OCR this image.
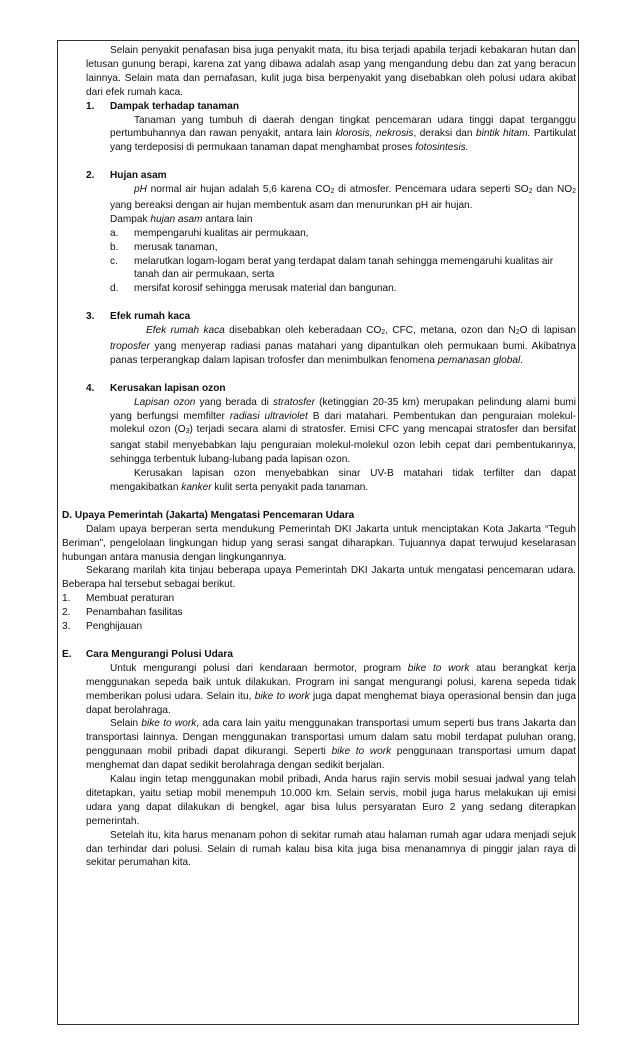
Selain penyakit penafasan bisa juga penyakit mata, itu bisa terjadi apabila terjadi kebakaran hutan dan letusan gunung berapi, karena zat yang dibawa adalah asap yang mengandung debu dan zat yang beracun lainnya. Selain mata dan pernafasan, kulit juga bisa berpenyakit yang disebabkan oleh polusi udara akibat dari efek rumah kaca.

1.	Dampak terhadap tanaman

Tanaman yang tumbuh di daerah dengan tingkat pencemaran udara tinggi dapat terganggu pertumbuhannya dan rawan penyakit, antara lain klorosis, nekrosis, deraksi dan bintik hitam. Partikulat yang terdeposisi di permukaan tanaman dapat menghambat proses fotosintesis.

2.	Hujan asam

pH normal air hujan adalah 5,6 karena CO2 di atmosfer. Pencemara udara seperti SO2 dan NO2 yang bereaksi dengan air hujan membentuk asam dan menurunkan pH air hujan.

Dampak hujan asam antara lain

a.	mempengaruhi kualitas air permukaan,
b.	merusak tanaman,
c.	melarutkan logam-logam berat yang terdapat dalam tanah sehingga memengaruhi kualitas air tanah dan air permukaan, serta
d.	mersifat korosif sehingga merusak material dan bangunan.
3.	Efek rumah kaca

Efek rumah kaca disebabkan oleh keberadaan CO2, CFC, metana, ozon dan N2O di lapisan troposfer yang menyerap radiasi panas matahari yang dipantulkan oleh permukaan bumi. Akibatnya panas terperangkap dalam lapisan trofosfer dan menimbulkan fenomena pemanasan global.

4.	Kerusakan lapisan ozon

Lapisan ozon yang berada di stratosfer (ketinggian 20-35 km) merupakan pelindung alami bumi yang berfungsi memfilter radiasi ultraviolet B dari matahari. Pembentukan dan penguraian molekul-molekul ozon (O3) terjadi secara alami di stratosfer. Emisi CFC yang mencapai stratosfer dan bersifat sangat stabil menyebabkan laju penguraian molekul-molekul ozon lebih cepat dari pembentukannya, sehingga terbentuk lubang-lubang pada lapisan ozon.

Kerusakan lapisan ozon menyebabkan sinar UV-B matahari tidak terfilter dan dapat mengakibatkan kanker kulit serta penyakit pada tanaman.

D. Upaya Pemerintah (Jakarta) Mengatasi Pencemaran Udara

Dalam upaya berperan serta mendukung Pemerintah DKI Jakarta untuk menciptakan Kota Jakarta “Teguh Beriman”, pengelolaan lingkungan hidup yang serasi sangat diharapkan. Tujuannya dapat terwujud keselarasan hubungan antara manusia dengan lingkungannya.

Sekarang marilah kita tinjau beberapa upaya Pemerintah DKI Jakarta untuk mengatasi pencemaran udara. Beberapa hal tersebut sebagai berikut.

1.	Membuat peraturan
2.	Penambahan fasilitas
3.	Penghijauan
E.	Cara Mengurangi Polusi Udara

Untuk mengurangi polusi dari kendaraan bermotor, program bike to work atau berangkat kerja menggunakan sepeda baik untuk dilakukan. Program ini sangat mengurangi polusi, karena sepeda tidak memberikan polusi udara. Selain itu, bike to work juga dapat menghemat biaya operasional bensin dan juga dapat berolahraga.

Selain bike to work, ada cara lain yaitu menggunakan transportasi umum seperti bus trans Jakarta dan transportasi lainnya. Dengan menggunakan transportasi umum dalam satu mobil terdapat puluhan orang, penggunaan mobil pribadi dapat dikurangi. Seperti bike to work penggunaan transportasi umum dapat menghemat dan dapat sedikit berolahraga dengan sedikit berjalan.

Kalau ingin tetap menggunakan mobil pribadi, Anda harus rajin servis mobil sesuai jadwal yang telah ditetapkan, yaitu setiap mobil menempuh 10.000 km. Selain servis, mobil juga harus melakukan uji emisi udara yang dapat dilakukan di bengkel, agar bisa lulus persyaratan Euro 2 yang sedang diterapkan pemerintah.

Setelah itu, kita harus menanam pohon di sekitar rumah atau halaman rumah agar udara menjadi sejuk dan terhindar dari polusi. Selain di rumah kalau bisa kita juga bisa menanamnya di pinggir jalan raya di sekitar perumahan kita.
